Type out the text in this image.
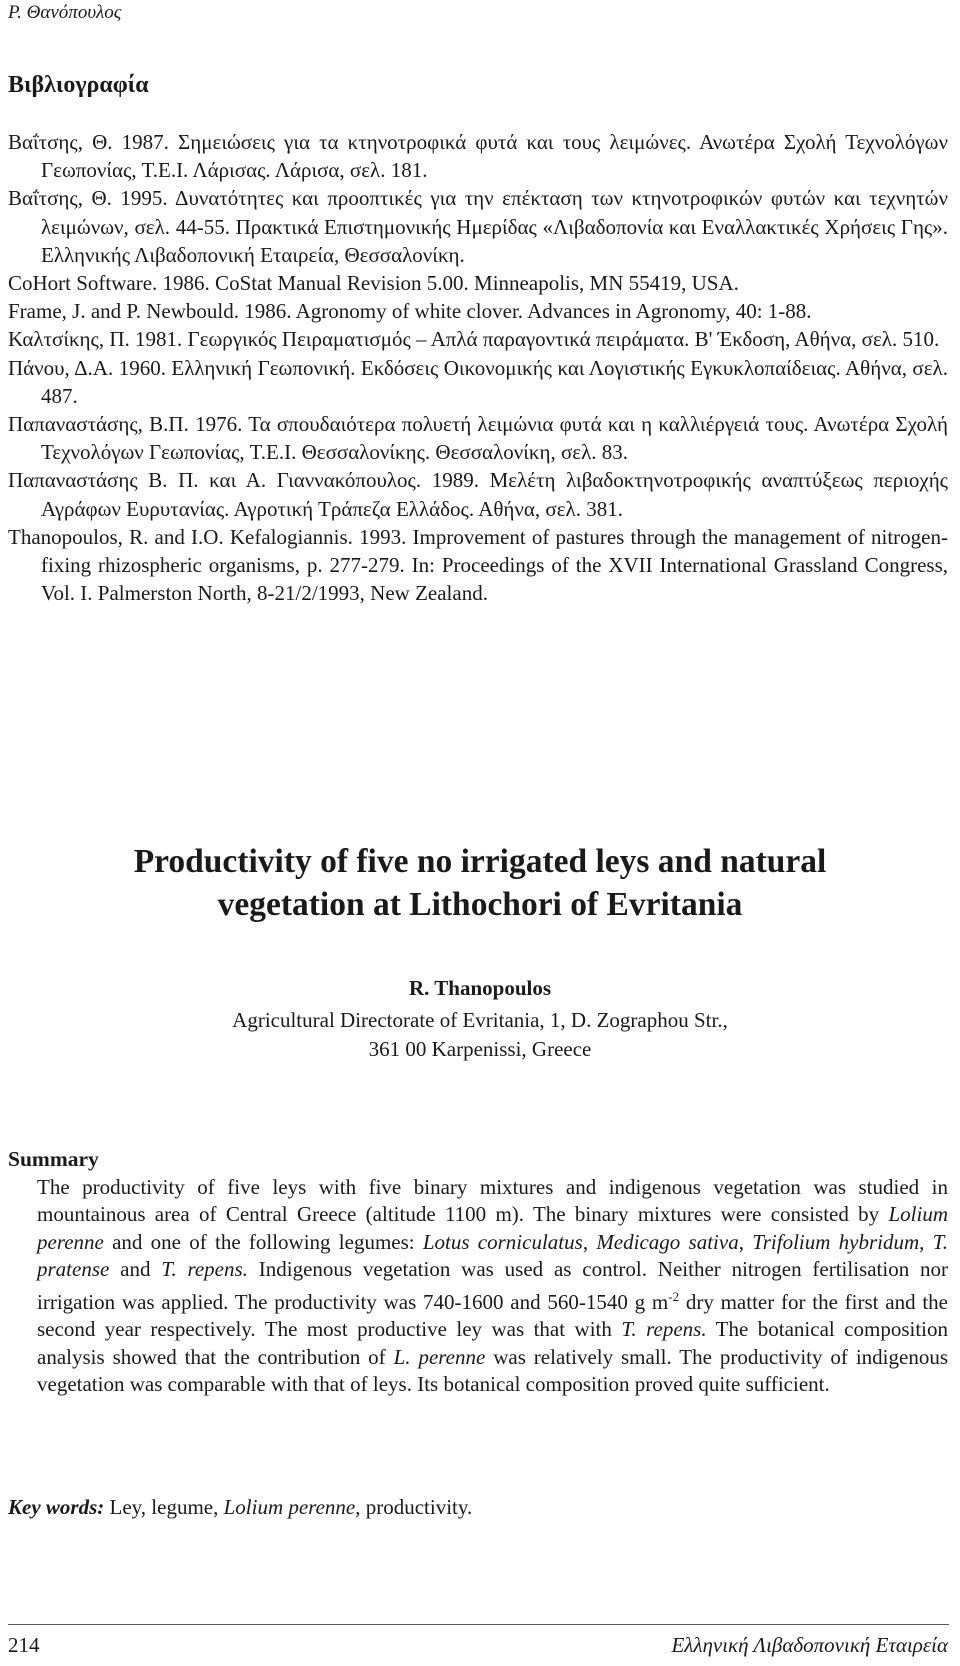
Ρ. Θανόπουλος
Βιβλιογραφία

Βαΐτσης, Θ. 1987. Σημειώσεις για τα κτηνοτροφικά φυτά και τους λειμώνες. Ανωτέρα Σχολή Τεχνολόγων Γεωπονίας, Τ.Ε.Ι. Λάρισας. Λάρισα, σελ. 181.

Βαΐτσης, Θ. 1995. Δυνατότητες και προοπτικές για την επέκταση των κτηνοτροφικών φυτών και τεχνητών λειμώνων, σελ. 44-55. Πρακτικά Επιστημονικής Ημερίδας «Λιβαδοπονία και Εναλλακτικές Χρήσεις Γης». Ελληνικής Λιβαδοπονική Εταιρεία, Θεσσαλονίκη.

CoHort Software. 1986. CoStat Manual Revision 5.00. Minneapolis, MN 55419, USA.

Frame, J. and P. Newbould. 1986. Agronomy of white clover. Advances in Agronomy, 40: 1-88.

Καλτσίκης, Π. 1981. Γεωργικός Πειραματισμός – Απλά παραγοντικά πειράματα. Β' Έκδοση, Αθήνα, σελ. 510.

Πάνου, Δ.Α. 1960. Ελληνική Γεωπονική. Εκδόσεις Οικονομικής και Λογιστικής Εγκυκλοπαίδειας. Αθήνα, σελ. 487.

Παπαναστάσης, Β.Π. 1976. Τα σπουδαιότερα πολυετή λειμώνια φυτά και η καλλιέργειά τους. Ανωτέρα Σχολή Τεχνολόγων Γεωπονίας, Τ.Ε.Ι. Θεσσαλονίκης. Θεσσαλονίκη, σελ. 83.

Παπαναστάσης Β. Π. και Α. Γιαννακόπουλος. 1989. Μελέτη λιβαδοκτηνοτροφικής αναπτύξεως περιοχής Αγράφων Ευρυτανίας. Αγροτική Τράπεζα Ελλάδος. Αθήνα, σελ. 381.

Thanopoulos, R. and I.O. Kefalogiannis. 1993. Improvement of pastures through the management of nitrogen-fixing rhizospheric organisms, p. 277-279. In: Proceedings of the XVII International Grassland Congress, Vol. I. Palmerston North, 8-21/2/1993, New Zealand.

Productivity of five no irrigated leys and natural
vegetation at Lithochori of Evritania
R. Thanopoulos
Agricultural Directorate of Evritania, 1, D. Zographou Str.,
361 00 Karpenissi, Greece
Summary
The productivity of five leys with five binary mixtures and indigenous vegetation was studied in mountainous area of Central Greece (altitude 1100 m). The binary mixtures were consisted by Lolium perenne and one of the following legumes: Lotus corniculatus, Medicago sativa, Trifolium hybridum, T. pratense and T. repens. Indigenous vegetation was used as control. Neither nitrogen fertilisation nor irrigation was applied. The productivity was 740-1600 and 560-1540 g $m^{-2}$ dry matter for the first and the second year respectively. The most productive ley was that with T. repens. The botanical composition analysis showed that the contribution of L. perenne was relatively small. The productivity of indigenous vegetation was comparable with that of leys. Its botanical composition proved quite sufficient.
Key words: Ley, legume, Lolium perenne, productivity.
214	Ελληνική Λιβαδοπονική Εταιρεία
